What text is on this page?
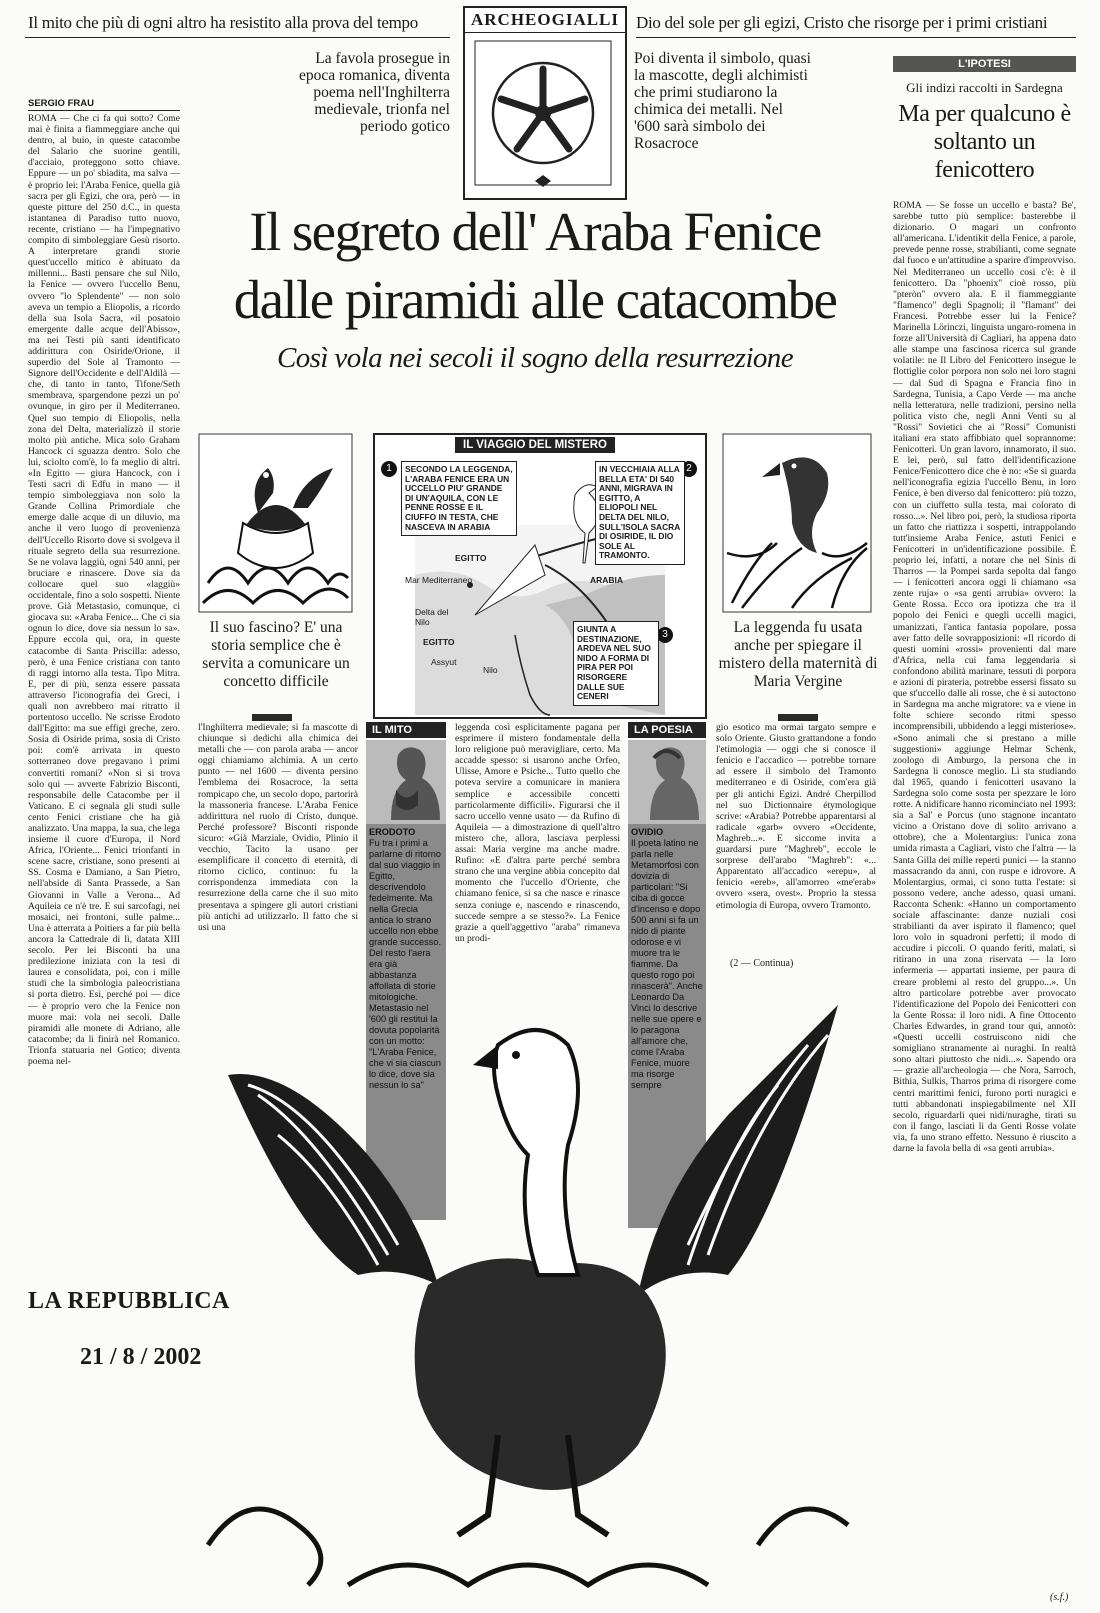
Il mito che più di ogni altro ha resistito alla prova del tempo	Dio del sole per gli egizi, Cristo che risorge per i primi cristiani
ARCHEOGIALLI
La favola prosegue in epoca romanica, diventa poema nell'Inghilterra medievale, trionfa nel periodo gotico
Poi diventa il simbolo, quasi la mascotte, degli alchimisti che primi studiarono la chimica dei metalli. Nel '600 sarà simbolo dei Rosacroce
Il segreto dell' Araba Fenice
dalle piramidi alle catacombe
Così vola nei secoli il sogno della resurrezione
SERGIO FRAU
ROMA — Che ci fa qui sotto? Come mai è finita a fiammeggiare anche qui dentro, al buio, in queste catacombe del Salario che suorine gentili, d'acciaio, proteggono sotto chiave. Eppure — un po' sbiadita, ma salva — è proprio lei: l'Araba Fenice, quella già sacra per gli Egizi, che ora, però — in queste pitture del 250 d.C., in questa istantanea di Paradiso tutto nuovo, recente, cristiano — ha l'impegnativo compito di simboleggiare Gesù risorto. A interpretare grandi storie quest'uccello mitico è abituato da millenni... Basti pensare che sul Nilo, la Fenice — ovvero l'uccello Benu, ovvero "lo Splendente" — non solo aveva un tempio a Eliopolis, a ricordo della sua Isola Sacra, «il posatoio emergente dalle acque dell'Abisso», ma nei Testi più santi identificato addirittura con Osiride/Orione, il superdio del Sole al Tramonto — Signore dell'Occidente e dell'Aldilà — che, di tanto in tanto, Tifone/Seth smembrava, spargendone pezzi un po' ovunque, in giro per il Mediterraneo. Quel suo tempio di Eliopolis, nella zona del Delta, materializzò il storie molto più antiche. Mica solo Graham Hancock ci sguazza dentro. Solo che lui, sciolto com'è, lo fa meglio di altri. «In Egitto — giura Hancock, con i Testi sacri di Edfu in mano — il tempio simboleggiava non solo la Grande Collina Primordiale che emerge dalle acque di un diluvio, ma anche il vero luogo di provenienza dell'Uccello Risorto dove si svolgeva il rituale segreto della sua resurrezione. Se ne volava laggiù, ogni 540 anni, per bruciare e rinascere. Dove sia da collocare quel suo «laggiù» occidentale, fino a solo sospetti. Niente prove. Già Metastasio, comunque, ci giocava su: «Araba Fenice... Che ci sia ognun lo dice, dove sia nessun lo sa». Eppure eccola qui, ora, in queste catacombe di Santa Priscilla: adesso, però, è una Fenice cristiana con tanto di raggi intorno alla testa. Tipo Mitra. E, per di più, senza essere passata attraverso l'iconografia dei Greci, i quali non avrebbero mai ritratto il portentoso uccello. Ne scrisse Erodoto dall'Egitto: ma sue effigi greche, zero. Sosia di Osiride prima, sosia di Cristo poi: com'è arrivata in questo sotterraneo dove pregavano i primi convertiti romani? «Non si si trova solo qui — avverte Fabrizio Bisconti, responsabile delle Catacombe per il Vaticano. E ci segnala gli studi sulle cento Fenici cristiane che ha già analizzato. Una mappa, la sua, che lega insieme il cuore d'Europa, il Nord Africa, l'Oriente... Fenici trionfanti in scene sacre, cristiane, sono presenti ai SS. Cosma e Damiano, a San Pietro, nell'abside di Santa Prassede, a San Giovanni in Valle a Verona... Ad Aquileia ce n'è tre. E sui sarcofagi, nei mosaici, nei frontoni, sulle palme... Una è atterrata a Poitiers a far più bella ancora la Cattedrale di lì, datata XIII secolo. Per lei Bisconti ha una predilezione iniziata con la tesi di laurea e consolidata, poi, con i mille studi che la simbologia paleocristiana si porta dietro. Esì, perché poi — dice — è proprio vero che la Fenice non muore mai: vola nei secoli. Dalle piramidi alle monete di Adriano, alle catacombe; da lì finirà nel Romanico. Trionfa statuaria nel Gotico; diventa poema nel-
Il suo fascino? E' una storia semplice che è servita a comunicare un concetto difficile
IL VIAGGIO DEL MISTERO
1	2
3
SECONDO LA LEGGENDA, L'ARABA FENICE ERA UN UCCELLO PIU' GRANDE DI UN'AQUILA, CON LE PENNE ROSSE E IL CIUFFO IN TESTA, CHE NASCEVA IN ARABIA
IN VECCHIAIA ALLA BELLA ETA' DI 540 ANNI, MIGRAVA IN EGITTO, A ELIOPOLI NEL DELTA DEL NILO, SULL'ISOLA SACRA DI OSIRIDE, IL DIO SOLE AL TRAMONTO.
GIUNTA A DESTINAZIONE, ARDEVA NEL SUO NIDO A FORMA DI PIRA PER POI RISORGERE DALLE SUE CENERI
Mar Mediterraneo
EGITTO
ARABIA
Delta del Nilo
EGITTO
Assyut
Nilo
La leggenda fu usata anche per spiegare il mistero della maternità di Maria Vergine
l'Inghilterra medievale; si fa mascotte di chiunque si dedichi alla chimica dei metalli che — con parola araba — ancor oggi chiamiamo alchimia. A un certo punto — nel 1600 — diventa persino l'emblema dei Rosacroce, la setta rompicapo che, un secolo dopo, partorirà la massoneria francese. L'Araba Fenice addirittura nel ruolo di Cristo, dunque. Perché professore? Bisconti risponde sicuro: «Già Marziale, Ovidio, Plinio il vecchio, Tacito la usano per esemplificare il concetto di eternità, di ritorno ciclico, continuo: fu la corrispondenza immediata con la resurrezione della carne che il suo mito presentava a spingere gli autori cristiani più antichi ad utilizzarlo. Il fatto che si usi una
IL MITO
ERODOTO
Fu tra i primi a parlarne di ritorno dal suo viaggio in Egitto, descrivendolo fedelmente. Ma nella Grecia antica lo strano uccello non ebbe grande successo. Del resto l'aera era già abbastanza affollata di storie mitologiche. Metastasio nel '600 gli restituì la dovuta popolarità con un motto: "L'Araba Fenice, che vi sia ciascun lo dice, dove sia nessun lo sa"
leggenda così esplicitamente pagana per esprimere il mistero fondamentale della loro religione può meravigliare, certo. Ma accadde spesso: si usarono anche Orfeo, Ulisse, Amore e Psiche... Tutto quello che poteva servire a comunicare in maniera semplice e accessibile concetti particolarmente difficili». Figurarsi che il sacro uccello venne usato — da Rufino di Aquileia — a dimostrazione di quell'altro mistero che, allora, lasciava perplessi assai: Maria vergine ma anche madre. Rufino: «E d'altra parte perché sembra strano che una vergine abbia concepito dal momento che l'uccello d'Oriente, che chiamano fenice, si sa che nasce e rinasce senza coniuge e, nascendo e rinascendo, succede sempre a se stesso?». La Fenice grazie a quell'aggettivo "araba" rimaneva un prodi-
LA POESIA
OVIDIO
Il poeta latino ne parla nelle Metamorfosi con dovizia di particolari: "Si ciba di gocce d'incenso e dopo 500 anni si fa un nido di piante odorose e vi muore tra le fiamme. Da questo rogo poi rinascerà". Anche Leonardo Da Vinci lo descrive nelle sue opere e lo paragona all'amore che, come l'Araba Fenice, muore ma risorge sempre
gio esotico ma ormai targato sempre e solo Oriente. Giusto grattandone a fondo l'etimologia — oggi che si conosce il fenicio e l'accadico — potrebbe tornare ad essere il simbolo del Tramonto mediterraneo e di Osiride, com'era già per gli antichi Egizi. André Cherpillod nel suo Dictionnaire étymologique scrive: «Arabia? Potrebbe apparentarsi al radicale «garb» ovvero «Occidente, Maghreb...». E siccome invita a guardarsi pure "Maghreb", eccole le sorprese dell'arabo "Maghreb": «... Apparentato all'accadico «erepu», al fenicio «ereb», all'amorreo «me'erab» ovvero «sera, ovest». Proprio la stessa etimologia di Europa, ovvero Tramonto.
(2 — Continua)
L'IPOTESI
Gli indizi raccolti in Sardegna
Ma per qualcuno è soltanto un fenicottero
ROMA — Se fosse un uccello e basta? Be', sarebbe tutto più semplice: basterebbe il dizionario. O magari un confronto all'americana. L'identikit della Fenice, a parole, prevede penne rosse, strabilianti, come segnate dal fuoco e un'attitudine a sparire d'improvviso. Nel Mediterraneo un uccello così c'è: è il fenicottero. Da "phoenix" cioè rosso, più "pteròn" ovvero ala. E il fiammeggiante "flamenco" degli Spagnoli; il "flamant" dei Francesi. Potrebbe esser lui la Fenice? Marinella Lörinczi, linguista ungaro-romena in forze all'Università di Cagliari, ha appena dato alle stampe una fascinosa ricerca sul grande volatile: ne Il Libro del Fenicottero insegue le flottiglie color porpora non solo nei loro stagni — dal Sud di Spagna e Francia fino in Sardegna, Tunisia, a Capo Verde — ma anche nella letteratura, nelle tradizioni, persino nella politica visto che, negli Anni Venti su al "Rossi" Sovietici che ai "Rossi" Comunisti italiani era stato affibbiato quel soprannome: Fenicotteri. Un gran lavoro, innamorato, il suo. E lei, però, sul fatto dell'identificazione Fenice/Fenicottero dice che è no: «Se si guarda nell'iconografia egizia l'uccello Benu, in loro Fenice, è ben diverso dal fenicottero: più tozzo, con un ciuffetto sulla testa, mai colorato di rosso...». Nel libro poi, però, la studiosa riporta un fatto che riattizza i sospetti, intrappolando tutt'insieme Araba Fenice, astuti Fenici e Fenicotteri in un'identificazione possibile. È proprio lei, infatti, a notare che nel Sinis di Tharros — la Pompei sarda sepolta dal fango — i fenicotteri ancora oggi li chiamano «sa zente ruja» o «sa genti arrubia» ovvero: la Gente Rossa. Ecco ora ipotizza che tra il popolo dei Fenici e quegli uccelli magici, umanizzati, l'antica fantasia popolare, possa aver fatto delle sovrapposizioni: «Il ricordo di questi uomini «rossi» provenienti dal mare d'Africa, nella cui fama leggendaria si confondono abilità marinare, tessuti di porpora e azioni di pirateria, potrebbe essersi fissato su que st'uccello dalle ali rosse, che è si autoctono in Sardegna ma anche migratore: va e viene in folte schiere secondo ritmi spesso incomprensibili, ubbidendo a leggi misteriose». «Sono animali che si prestano a mille suggestioni» aggiunge Helmar Schenk, zoologo di Amburgo, la persona che in Sardegna li conosce meglio. Li sta studiando dal 1965, quando i fenicotteri usavano la Sardegna solo come sosta per spezzare le loro rotte. A nidificare hanno ricominciato nel 1993: sia a Sal' e Porcus (uno stagnone incantato vicino a Oristano dove di solito arrivano a ottobre), che a Molentargius: l'unica zona umida rimasta a Cagliari, visto che l'altra — la Santa Gilla dei mille reperti punici — la stanno massacrando da anni, con ruspe e idrovore. A Molentargius, ormai, ci sono tutta l'estate: si possono vedere, anche adesso, quasi umani. Racconta Schenk: «Hanno un comportamento sociale affascinante: danze nuziali così strabilianti da aver ispirato il flamenco; quel loro volo in squadroni perfetti; il modo di accudire i piccoli. O quando feriti, malati, si ritirano in una zona riservata — la loro infermeria — appartati insieme, per paura di creare problemi al resto del gruppo...». Un altro particolare potrebbe aver provocato l'identificazione del Popolo dei Fenicotteri con la Gente Rossa: il loro nidi. A fine Ottocento Charles Edwardes, in grand tour qui, annotò: «Questi uccelli costruiscono nidi che somigliano stranamente ai nuraghi. In realtà sono altari piuttosto che nidi...». Sapendo ora — grazie all'archeologia — che Nora, Sarroch, Bithia, Sulkis, Tharros prima di risorgere come centri marittimi fenici, furono porti nuragici e tutti abbandonati inspiegabilmente nel XII secolo, riguardarli quei nidi/nuraghe, tirati su con il fango, lasciati lì da Genti Rosse volate via, fa uno strano effetto. Nessuno è riuscito a darne la favola bella di «sa genti arrubia».
(s.f.)
LA REPUBBLICA
21 / 8 / 2002
